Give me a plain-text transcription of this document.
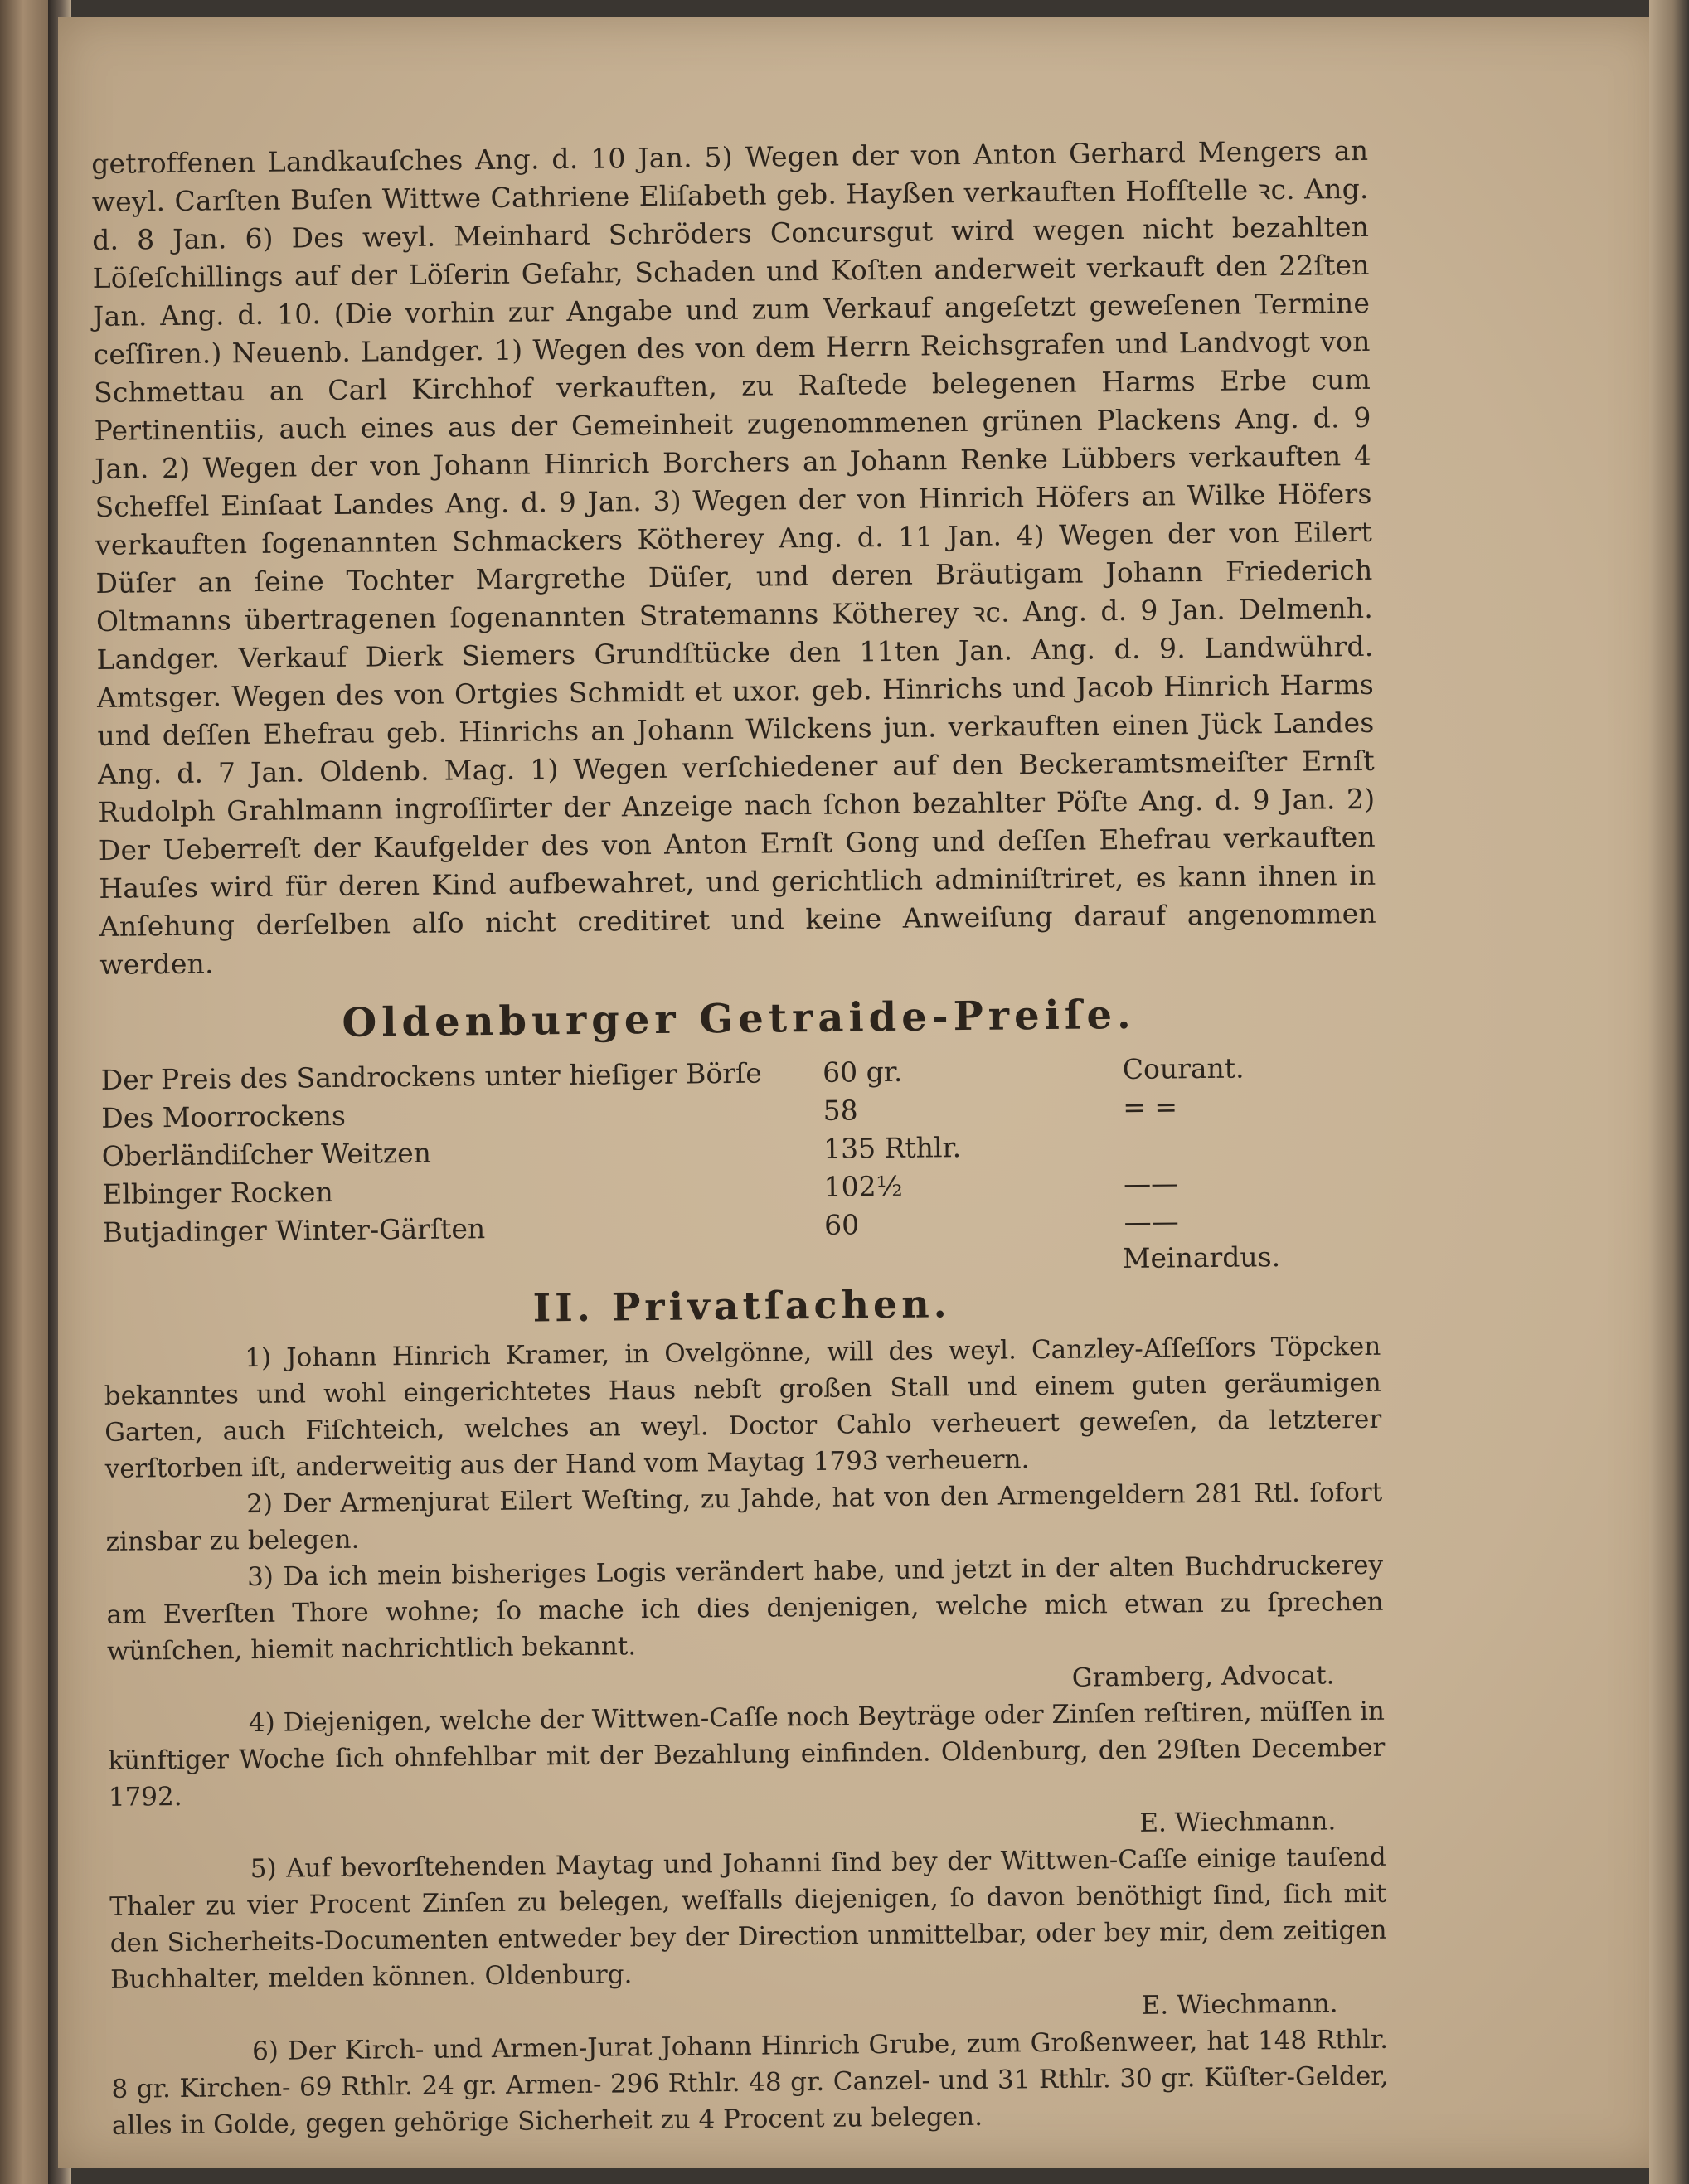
getroffenen Landkauſches Ang. d. 10 Jan. 5) Wegen der von Anton Gerhard Mengers an weyl. Carſten Buſen Wittwe Cathriene Eliſabeth geb. Hayßen verkauften Hofſtelle ꝛc. Ang. d. 8 Jan. 6) Des weyl. Meinhard Schröders Concursgut wird wegen nicht bezahlten Löſeſchillings auf der Löſerin Gefahr, Schaden und Koſten anderweit verkauft den 22ſten Jan. Ang. d. 10. (Die vorhin zur Angabe und zum Verkauf angeſetzt geweſenen Termine ceſſiren.) Neuenb. Landger. 1) Wegen des von dem Herrn Reichsgrafen und Landvogt von Schmettau an Carl Kirchhof verkauften, zu Raſtede belegenen Harms Erbe cum Pertinentiis, auch eines aus der Gemeinheit zugenommenen grünen Plackens Ang. d. 9 Jan. 2) Wegen der von Johann Hinrich Borchers an Johann Renke Lübbers verkauften 4 Scheffel Einſaat Landes Ang. d. 9 Jan. 3) Wegen der von Hinrich Höfers an Wilke Höfers verkauften ſogenannten Schmackers Kötherey Ang. d. 11 Jan. 4) Wegen der von Eilert Düſer an ſeine Tochter Margrethe Düſer, und deren Bräutigam Johann Friederich Oltmanns übertragenen ſogenannten Stratemanns Kötherey ꝛc. Ang. d. 9 Jan. Delmenh. Landger. Verkauf Dierk Siemers Grundſtücke den 11ten Jan. Ang. d. 9. Landwührd. Amtsger. Wegen des von Ortgies Schmidt et uxor. geb. Hinrichs und Jacob Hinrich Harms und deſſen Ehefrau geb. Hinrichs an Johann Wilckens jun. verkauften einen Jück Landes Ang. d. 7 Jan. Oldenb. Mag. 1) Wegen verſchiedener auf den Beckeramtsmeiſter Ernſt Rudolph Grahlmann ingroſſirter der Anzeige nach ſchon bezahlter Pöſte Ang. d. 9 Jan. 2) Der Ueberreſt der Kaufgelder des von Anton Ernſt Gong und deſſen Ehefrau verkauften Hauſes wird für deren Kind aufbewahret, und gerichtlich adminiſtriret, es kann ihnen in Anſehung derſelben alſo nicht creditiret und keine Anweiſung darauf angenommen werden.

Oldenburger Getraide-Preiſe.
Der Preis des Sandrockens unter hieſiger Börſe	60 gr.	Courant.
Des Moorrockens	58	= =
Oberländiſcher Weitzen	135 Rthlr.	
Elbinger Rocken	102½	——
Butjadinger Winter-Gärſten	60	——
Meinardus.
II. Privatſachen.

1) Johann Hinrich Kramer, in Ovelgönne, will des weyl. Canzley-Aſſeſſors Töpcken bekanntes und wohl eingerichtetes Haus nebſt großen Stall und einem guten geräumigen Garten, auch Fiſchteich, welches an weyl. Doctor Cahlo verheuert geweſen, da letzterer verſtorben iſt, anderweitig aus der Hand vom Maytag 1793 verheuern.

2) Der Armenjurat Eilert Weſting, zu Jahde, hat von den Armengeldern 281 Rtl. ſofort zinsbar zu belegen.

3) Da ich mein bisheriges Logis verändert habe, und jetzt in der alten Buchdruckerey am Everſten Thore wohne; ſo mache ich dies denjenigen, welche mich etwan zu ſprechen wünſchen, hiemit nachrichtlich bekannt.

Gramberg, Advocat.

4) Diejenigen, welche der Wittwen-Caſſe noch Beyträge oder Zinſen reſtiren, müſſen in künftiger Woche ſich ohnfehlbar mit der Bezahlung einfinden. Oldenburg, den 29ſten December 1792.

E. Wiechmann.

5) Auf bevorſtehenden Maytag und Johanni ſind bey der Wittwen-Caſſe einige tauſend Thaler zu vier Procent Zinſen zu belegen, weſfalls diejenigen, ſo davon benöthigt ſind, ſich mit den Sicherheits-Documenten entweder bey der Direction unmittelbar, oder bey mir, dem zeitigen Buchhalter, melden können. Oldenburg.

E. Wiechmann.

6) Der Kirch- und Armen-Jurat Johann Hinrich Grube, zum Großenweer, hat 148 Rthlr. 8 gr. Kirchen- 69 Rthlr. 24 gr. Armen- 296 Rthlr. 48 gr. Canzel- und 31 Rthlr. 30 gr. Küſter-Gelder, alles in Golde, gegen gehörige Sicherheit zu 4 Procent zu belegen.
